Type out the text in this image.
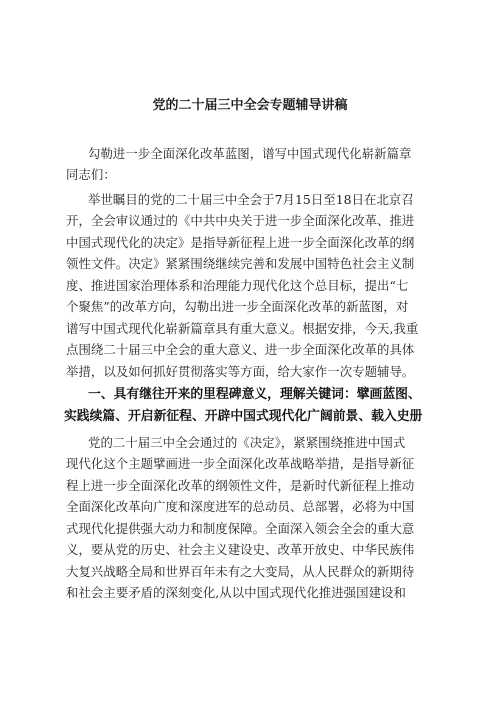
党的二十届三中全会专题辅导讲稿
勾勒进一步全面深化改革蓝图，谱写中国式现代化崭新篇章
同志们：
举世瞩目的党的二十届三中全会于7月15日至18日在北京召
开，全会审议通过的《中共中央关于进一步全面深化改革、推进
中国式现代化的决定》是指导新征程上进一步全面深化改革的纲
领性文件。决定》紧紧围绕继续完善和发展中国特色社会主义制
度、推进国家治理体系和治理能力现代化这个总目标，提出“七
个聚焦”的改革方向，勾勒出进一步全面深化改革的新蓝图，对
谱写中国式现代化崭新篇章具有重大意义。根据安排，今天,我重
点围绕二十届三中全会的重大意义、进一步全面深化改革的具体
举措，以及如何抓好贯彻落实等方面，给大家作一次专题辅导。
一、具有继往开来的里程碑意义，理解关键词：擘画蓝图、
实践续篇、开启新征程、开辟中国式现代化广阔前景、载入史册
党的二十届三中全会通过的《决定》，紧紧围绕推进中国式
现代化这个主题擘画进一步全面深化改革战略举措，是指导新征
程上进一步全面深化改革的纲领性文件，是新时代新征程上推动
全面深化改革向广度和深度进军的总动员、总部署，必将为中国
式现代化提供强大动力和制度保障。全面深入领会全会的重大意
义，要从党的历史、社会主义建设史、改革开放史、中华民族伟
大复兴战略全局和世界百年未有之大变局，从人民群众的新期待
和社会主要矛盾的深刻变化,从以中国式现代化推进强国建设和
